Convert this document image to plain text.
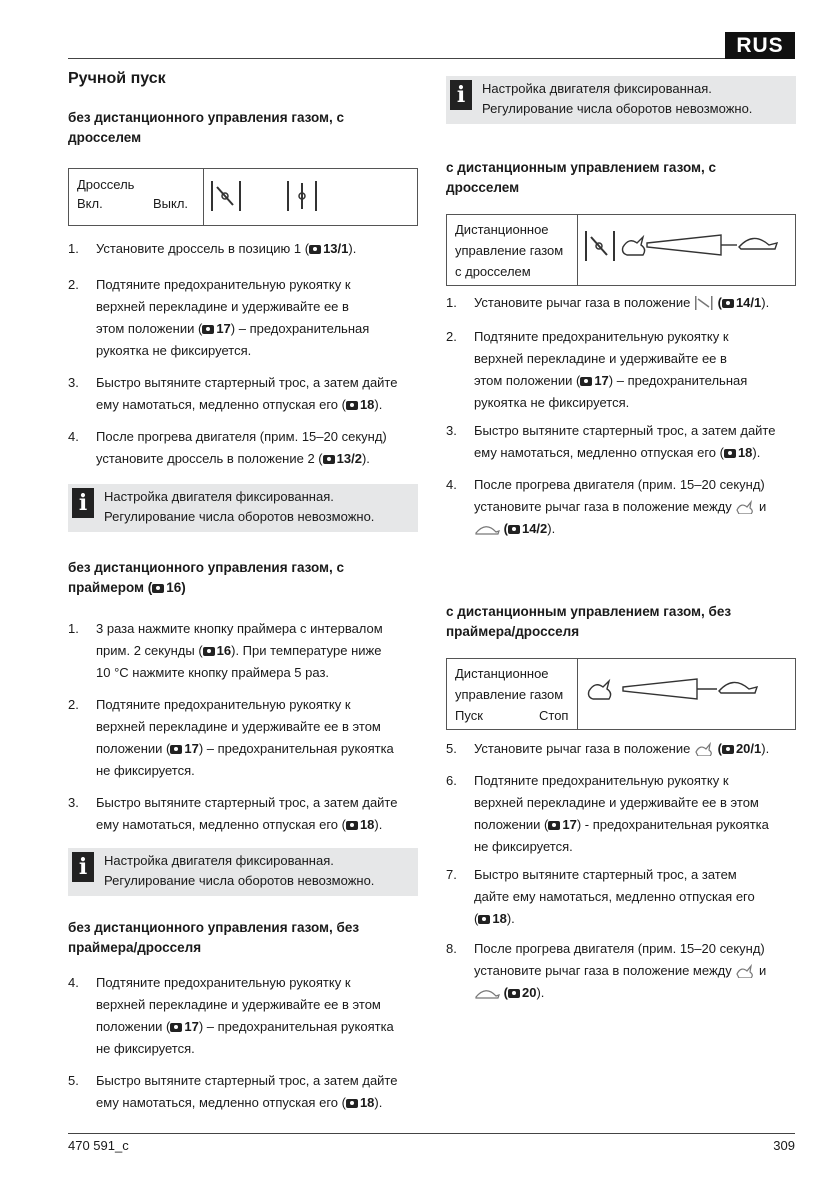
RUS
Ручной пуск
без дистанционного управления газом, с
дросселем
Дроссель
Вкл.	Выкл.
1.	Установите дроссель в позицию 1 ( 13/1).
2.	Подтяните предохранительную рукоятку к
верхней перекладине и удерживайте ее в
этом положении ( 17) – предохранительная
рукоятка не фиксируется.
3.	Быстро вытяните стартерный трос, а затем дайте
ему намотаться, медленно отпуская его ( 18).
4.	После прогрева двигателя (прим. 15–20 секунд)
установите дроссель в положение 2 ( 13/2).
i	Настройка двигателя фиксированная.
Регулирование числа оборотов невозможно.
без дистанционного управления газом, с
праймером ( 16)
1.	3 раза нажмите кнопку праймера с интервалом
прим. 2 секунды ( 16). При температуре ниже
10 °С нажмите кнопку праймера 5 раз.
2.	Подтяните предохранительную рукоятку к
верхней перекладине и удерживайте ее в этом
положении ( 17) – предохранительная рукоятка
не фиксируется.
3.	Быстро вытяните стартерный трос, а затем дайте
ему намотаться, медленно отпуская его ( 18).
i	Настройка двигателя фиксированная.
Регулирование числа оборотов невозможно.
без дистанционного управления газом, без
праймера/дросселя
4.	Подтяните предохранительную рукоятку к
верхней перекладине и удерживайте ее в этом
положении ( 17) – предохранительная рукоятка
не фиксируется.
5.	Быстро вытяните стартерный трос, а затем дайте
ему намотаться, медленно отпуская его ( 18).
i	Настройка двигателя фиксированная.
Регулирование числа оборотов невозможно.
с дистанционным управлением газом, с
дросселем
Дистанционное
управление газом
с дросселем
1.	Установите рычаг газа в положение ( 14/1).
2.	Подтяните предохранительную рукоятку к
верхней перекладине и удерживайте ее в
этом положении ( 17) – предохранительная
рукоятка не фиксируется.
3.	Быстро вытяните стартерный трос, а затем дайте
ему намотаться, медленно отпуская его ( 18).
4.	После прогрева двигателя (прим. 15–20 секунд)
установите рычаг газа в положение между и
( 14/2).
с дистанционным управлением газом, без
праймера/дросселя
Дистанционное
управление газом
Пуск	Стоп
5.	Установите рычаг газа в положение ( 20/1).
6.	Подтяните предохранительную рукоятку к
верхней перекладине и удерживайте ее в этом
положении ( 17) - предохранительная рукоятка
не фиксируется.
7.	Быстро вытяните стартерный трос, а затем
дайте ему намотаться, медленно отпуская его
( 18).
8.	После прогрева двигателя (прим. 15–20 секунд)
установите рычаг газа в положение между и
( 20).
470 591_c	309
